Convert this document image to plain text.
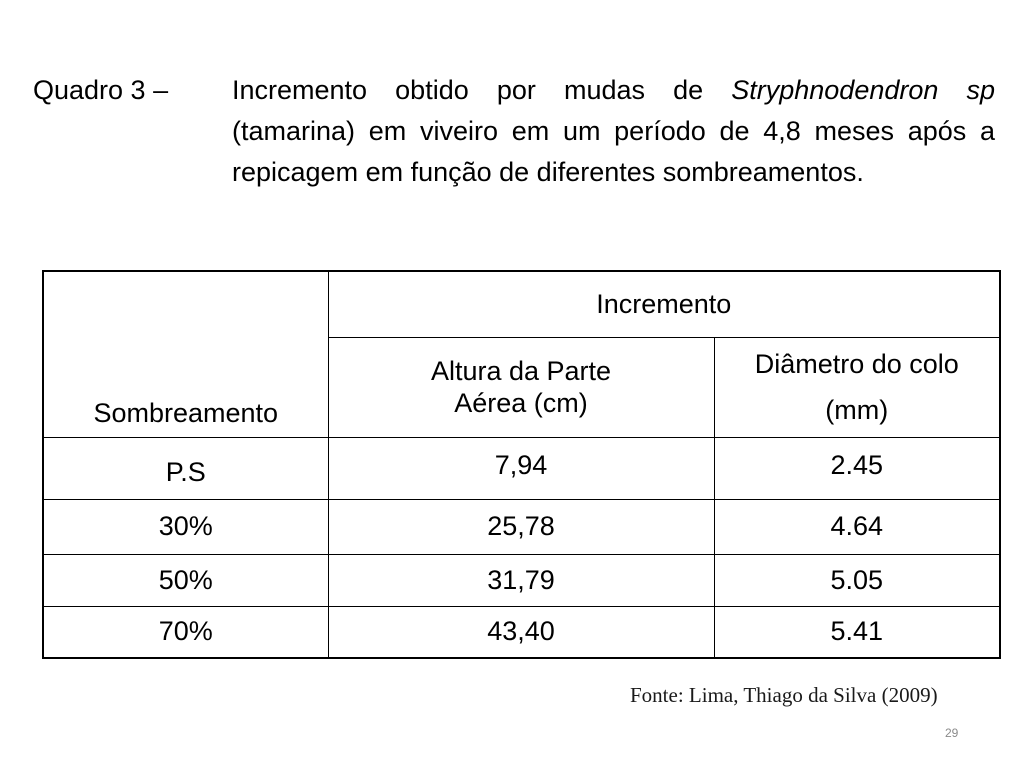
Quadro 3 – Incremento obtido por mudas de Stryphnodendron sp (tamarina) em viveiro em um período de 4,8 meses após a repicagem em função de diferentes sombreamentos.

Sombreamento	Incremento	

	Altura da Parte Aérea (cm)	Diâmetro do colo
(mm)

P.S	7,94	2.45
30%	25,78	4.64
50%	31,79	5.05
70%	43,40	5.41
Fonte: Lima, Thiago da Silva (2009)
29
